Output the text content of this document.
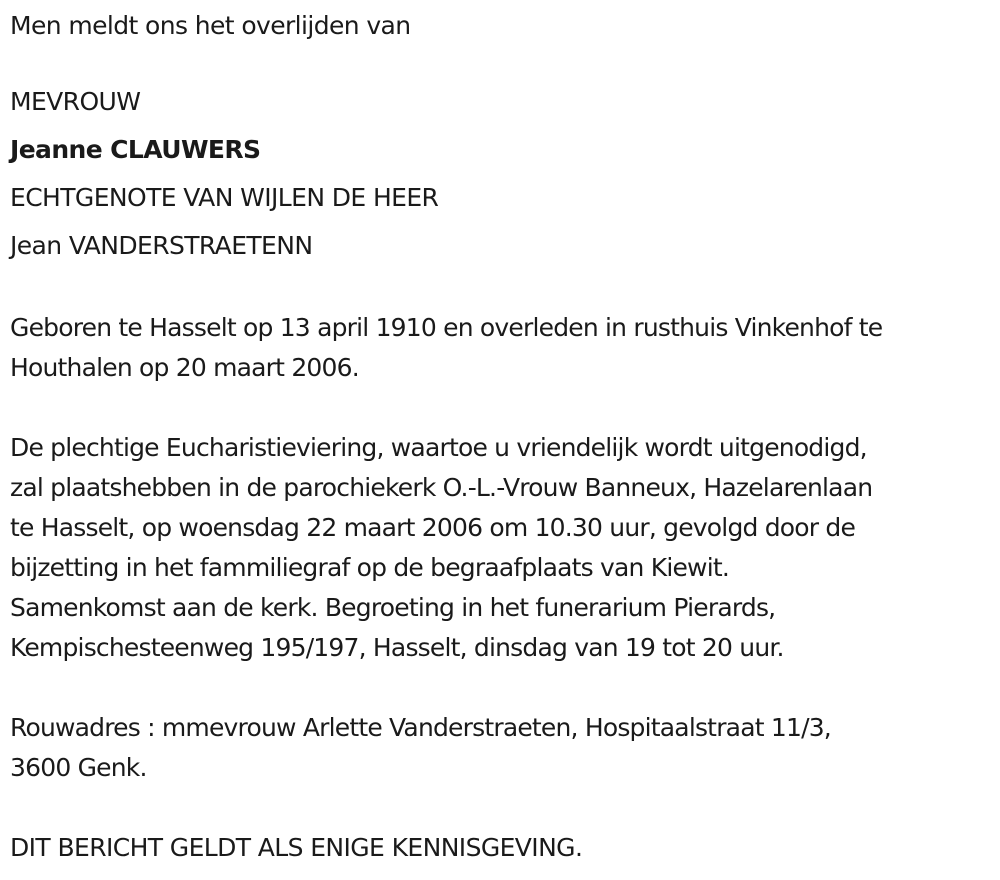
Men meldt ons het overlijden van
MEVROUW
Jeanne CLAUWERS
ECHTGENOTE VAN WIJLEN DE HEER
Jean VANDERSTRAETENN
Geboren te Hasselt op 13 april 1910 en overleden in rusthuis Vinkenhof te
Houthalen op 20 maart 2006.
De plechtige Eucharistieviering, waartoe u vriendelijk wordt uitgenodigd,
zal plaatshebben in de parochiekerk O.-L.-Vrouw Banneux, Hazelarenlaan
te Hasselt, op woensdag 22 maart 2006 om 10.30 uur, gevolgd door de
bijzetting in het fammiliegraf op de begraafplaats van Kiewit.
Samenkomst aan de kerk. Begroeting in het funerarium Pierards,
Kempischesteenweg 195/197, Hasselt, dinsdag van 19 tot 20 uur.
Rouwadres : mmevrouw Arlette Vanderstraeten, Hospitaalstraat 11/3,
3600 Genk.
DIT BERICHT GELDT ALS ENIGE KENNISGEVING.
